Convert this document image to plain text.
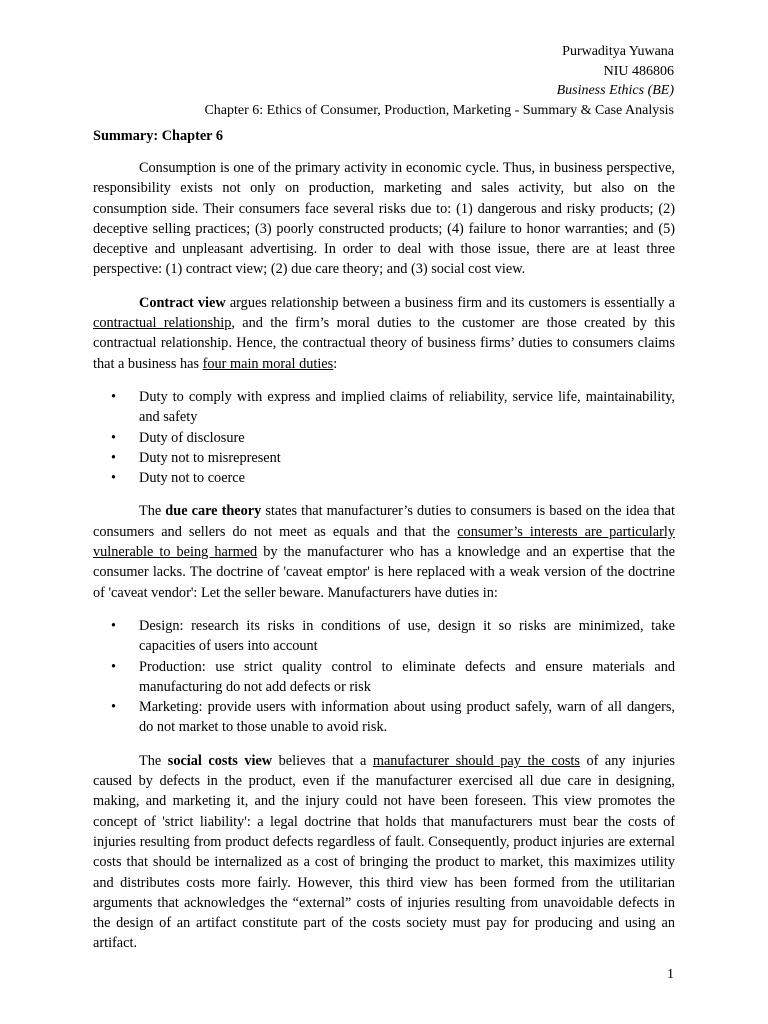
Purwaditya Yuwana
NIU 486806
Business Ethics (BE)
Chapter 6: Ethics of Consumer, Production, Marketing - Summary & Case Analysis
Summary: Chapter 6

Consumption is one of the primary activity in economic cycle. Thus, in business perspective, responsibility exists not only on production, marketing and sales activity, but also on the consumption side. Their consumers face several risks due to: (1) dangerous and risky products; (2) deceptive selling practices; (3) poorly constructed products; (4) failure to honor warranties; and (5) deceptive and unpleasant advertising. In order to deal with those issue, there are at least three perspective: (1) contract view; (2) due care theory; and (3) social cost view.

Contract view argues relationship between a business firm and its customers is essentially a contractual relationship, and the firm’s moral duties to the customer are those created by this contractual relationship. Hence, the contractual theory of business firms’ duties to consumers claims that a business has four main moral duties:

• Duty to comply with express and implied claims of reliability, service life, maintainability, and safety
• Duty of disclosure
• Duty not to misrepresent
• Duty not to coerce

The due care theory states that manufacturer’s duties to consumers is based on the idea that consumers and sellers do not meet as equals and that the consumer’s interests are particularly vulnerable to being harmed by the manufacturer who has a knowledge and an expertise that the consumer lacks. The doctrine of 'caveat emptor' is here replaced with a weak version of the doctrine of 'caveat vendor': Let the seller beware. Manufacturers have duties in:

• Design: research its risks in conditions of use, design it so risks are minimized, take capacities of users into account
• Production: use strict quality control to eliminate defects and ensure materials and manufacturing do not add defects or risk
• Marketing: provide users with information about using product safely, warn of all dangers, do not market to those unable to avoid risk.

The social costs view believes that a manufacturer should pay the costs of any injuries caused by defects in the product, even if the manufacturer exercised all due care in designing, making, and marketing it, and the injury could not have been foreseen. This view promotes the concept of 'strict liability': a legal doctrine that holds that manufacturers must bear the costs of injuries resulting from product defects regardless of fault. Consequently, product injuries are external costs that should be internalized as a cost of bringing the product to market, this maximizes utility and distributes costs more fairly. However, this third view has been formed from the utilitarian arguments that acknowledges the “external” costs of injuries resulting from unavoidable defects in the design of an artifact constitute part of the costs society must pay for producing and using an artifact.

1
